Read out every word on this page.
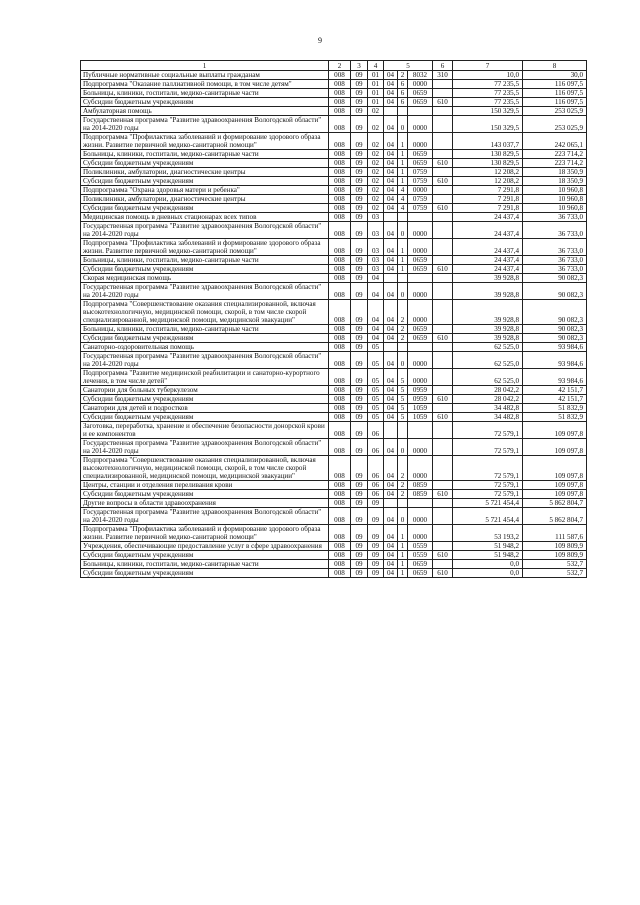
9
1	2	3	4	5			6	7	8
Публичные нормативные социальные выплаты гражданам	008	09	01	04	2	8032	310	10,0	30,0
Подпрограмма "Оказание паллиативной помощи, в том числе детям"	008	09	01	04	6	0000		77 235,5	116 097,5
Больницы, клиники, госпитали, медико-санитарные части	008	09	01	04	6	0659		77 235,5	116 097,5
Субсидии бюджетным учреждениям	008	09	01	04	6	0659	610	77 235,5	116 097,5
Амбулаторная помощь	008	09	02					150 329,5	253 025,9
Государственная программа "Развитие здравоохранения Вологодской области" на 2014-2020 годы	008	09	02	04	0	0000		150 329,5	253 025,9
Подпрограмма "Профилактика заболеваний и формирование здорового образа жизни. Развитие первичной медико-санитарной помощи"	008	09	02	04	1	0000		143 037,7	242 065,1
Больницы, клиники, госпитали, медико-санитарные части	008	09	02	04	1	0659		130 829,5	223 714,2
Субсидии бюджетным учреждениям	008	09	02	04	1	0659	610	130 829,5	223 714,2
Поликлиники, амбулатории, диагностические центры	008	09	02	04	1	0759		12 208,2	18 350,9
Субсидии бюджетным учреждениям	008	09	02	04	1	0759	610	12 208,2	18 350,9
Подпрограмма "Охрана здоровья матери и ребенка"	008	09	02	04	4	0000		7 291,8	10 960,8
Поликлиники, амбулатории, диагностические центры	008	09	02	04	4	0759		7 291,8	10 960,8
Субсидии бюджетным учреждениям	008	09	02	04	4	0759	610	7 291,8	10 960,8
Медицинская помощь в дневных стационарах всех типов	008	09	03					24 437,4	36 733,0
Государственная программа "Развитие здравоохранения Вологодской области" на 2014-2020 годы	008	09	03	04	0	0000		24 437,4	36 733,0
Подпрограмма "Профилактика заболеваний и формирование здорового образа жизни. Развитие первичной медико-санитарной помощи"	008	09	03	04	1	0000		24 437,4	36 733,0
Больницы, клиники, госпитали, медико-санитарные части	008	09	03	04	1	0659		24 437,4	36 733,0
Субсидии бюджетным учреждениям	008	09	03	04	1	0659	610	24 437,4	36 733,0
Скорая медицинская помощь	008	09	04					39 928,8	90 082,3
Государственная программа "Развитие здравоохранения Вологодской области" на 2014-2020 годы	008	09	04	04	0	0000		39 928,8	90 082,3
Подпрограмма "Совершенствование оказания специализированной, включая высокотехнологичную, медицинской помощи, скорой, в том числе скорой специализированной, медицинской помощи, медицинской эвакуации"	008	09	04	04	2	0000		39 928,8	90 082,3
Больницы, клиники, госпитали, медико-санитарные части	008	09	04	04	2	0659		39 928,8	90 082,3
Субсидии бюджетным учреждениям	008	09	04	04	2	0659	610	39 928,8	90 082,3
Санаторно-оздоровительная помощь	008	09	05					62 525,0	93 984,6
Государственная программа "Развитие здравоохранения Вологодской области" на 2014-2020 годы	008	09	05	04	0	0000		62 525,0	93 984,6
Подпрограмма "Развитие медицинской реабилитации и санаторно-курортного лечения, в том числе детей"	008	09	05	04	5	0000		62 525,0	93 984,6
Санатории для больных туберкулезом	008	09	05	04	5	0959		28 042,2	42 151,7
Субсидии бюджетным учреждениям	008	09	05	04	5	0959	610	28 042,2	42 151,7
Санатории для детей и подростков	008	09	05	04	5	1059		34 482,8	51 832,9
Субсидии бюджетным учреждениям	008	09	05	04	5	1059	610	34 482,8	51 832,9
Заготовка, переработка, хранение и обеспечение безопасности донорской крови и ее компонентов	008	09	06					72 579,1	109 097,8
Государственная программа "Развитие здравоохранения Вологодской области" на 2014-2020 годы	008	09	06	04	0	0000		72 579,1	109 097,8
Подпрограмма "Совершенствование оказания специализированной, включая высокотехнологичную, медицинской помощи, скорой, в том числе скорой специализированной, медицинской помощи, медицинской эвакуации"	008	09	06	04	2	0000		72 579,1	109 097,8
Центры, станции и отделения переливания крови	008	09	06	04	2	0859		72 579,1	109 097,8
Субсидии бюджетным учреждениям	008	09	06	04	2	0859	610	72 579,1	109 097,8
Другие вопросы в области здравоохранения	008	09	09					5 721 454,4	5 862 804,7
Государственная программа "Развитие здравоохранения Вологодской области" на 2014-2020 годы	008	09	09	04	0	0000		5 721 454,4	5 862 804,7
Подпрограмма "Профилактика заболеваний и формирование здорового образа жизни. Развитие первичной медико-санитарной помощи"	008	09	09	04	1	0000		53 193,2	111 587,6
Учреждения, обеспечивающие предоставление услуг в сфере здравоохранения	008	09	09	04	1	0559		51 948,2	109 809,9
Субсидии бюджетным учреждениям	008	09	09	04	1	0559	610	51 948,2	109 809,9
Больницы, клиники, госпитали, медико-санитарные части	008	09	09	04	1	0659		0,0	532,7
Субсидии бюджетным учреждениям	008	09	09	04	1	0659	610	0,0	532,7
